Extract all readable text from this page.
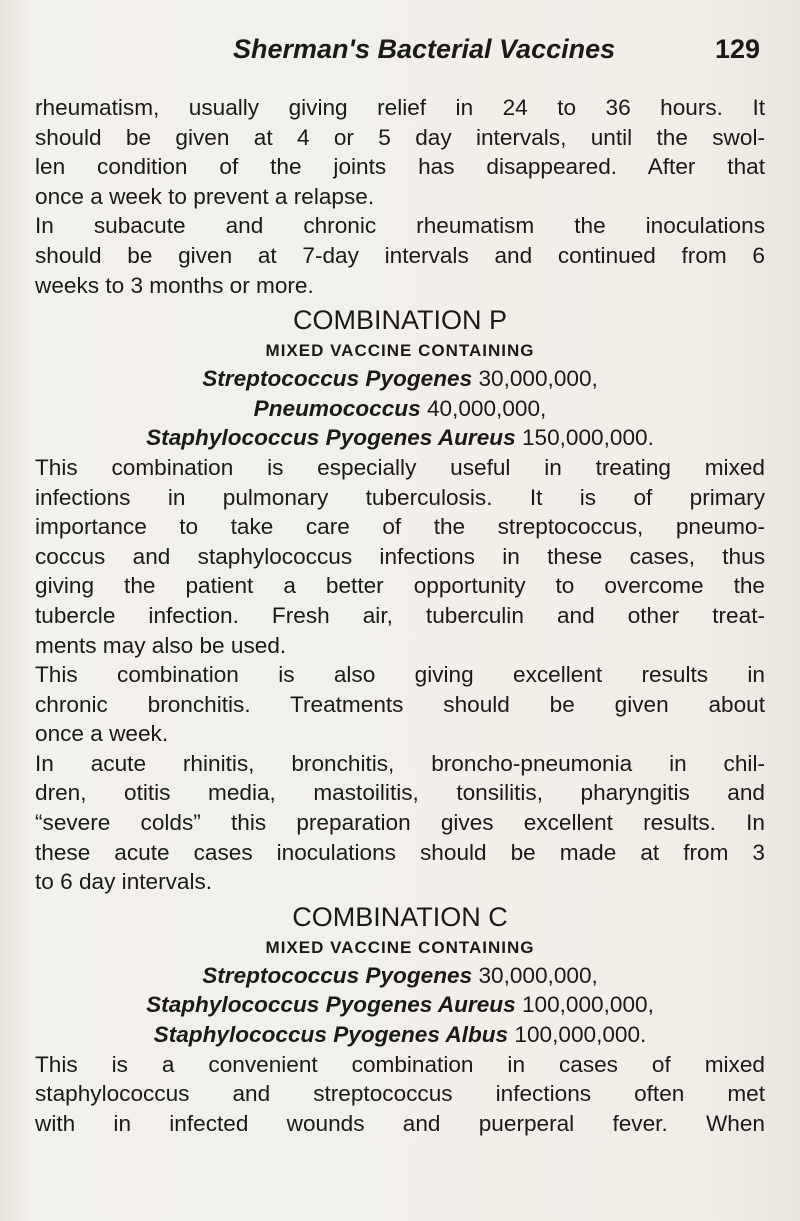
Sherman's Bacterial Vaccines	129
rheumatism, usually giving relief in 24 to 36 hours. It
should be given at 4 or 5 day intervals, until the swol-
len condition of the joints has disappeared. After that
once a week to prevent a relapse.
In subacute and chronic rheumatism the inoculations
should be given at 7-day intervals and continued from 6
weeks to 3 months or more.
COMBINATION P
MIXED VACCINE CONTAINING
Streptococcus Pyogenes 30,000,000,
Pneumococcus 40,000,000,
Staphylococcus Pyogenes Aureus 150,000,000.
This combination is especially useful in treating mixed
infections in pulmonary tuberculosis. It is of primary
importance to take care of the streptococcus, pneumo-
coccus and staphylococcus infections in these cases, thus
giving the patient a better opportunity to overcome the
tubercle infection. Fresh air, tuberculin and other treat-
ments may also be used.
This combination is also giving excellent results in
chronic bronchitis. Treatments should be given about
once a week.
In acute rhinitis, bronchitis, broncho-pneumonia in chil-
dren, otitis media, mastoilitis, tonsilitis, pharyngitis and
“severe colds” this preparation gives excellent results. In
these acute cases inoculations should be made at from 3
to 6 day intervals.
COMBINATION C
MIXED VACCINE CONTAINING
Streptococcus Pyogenes 30,000,000,
Staphylococcus Pyogenes Aureus 100,000,000,
Staphylococcus Pyogenes Albus 100,000,000.
This is a convenient combination in cases of mixed
staphylococcus and streptococcus infections often met
with in infected wounds and puerperal fever. When
